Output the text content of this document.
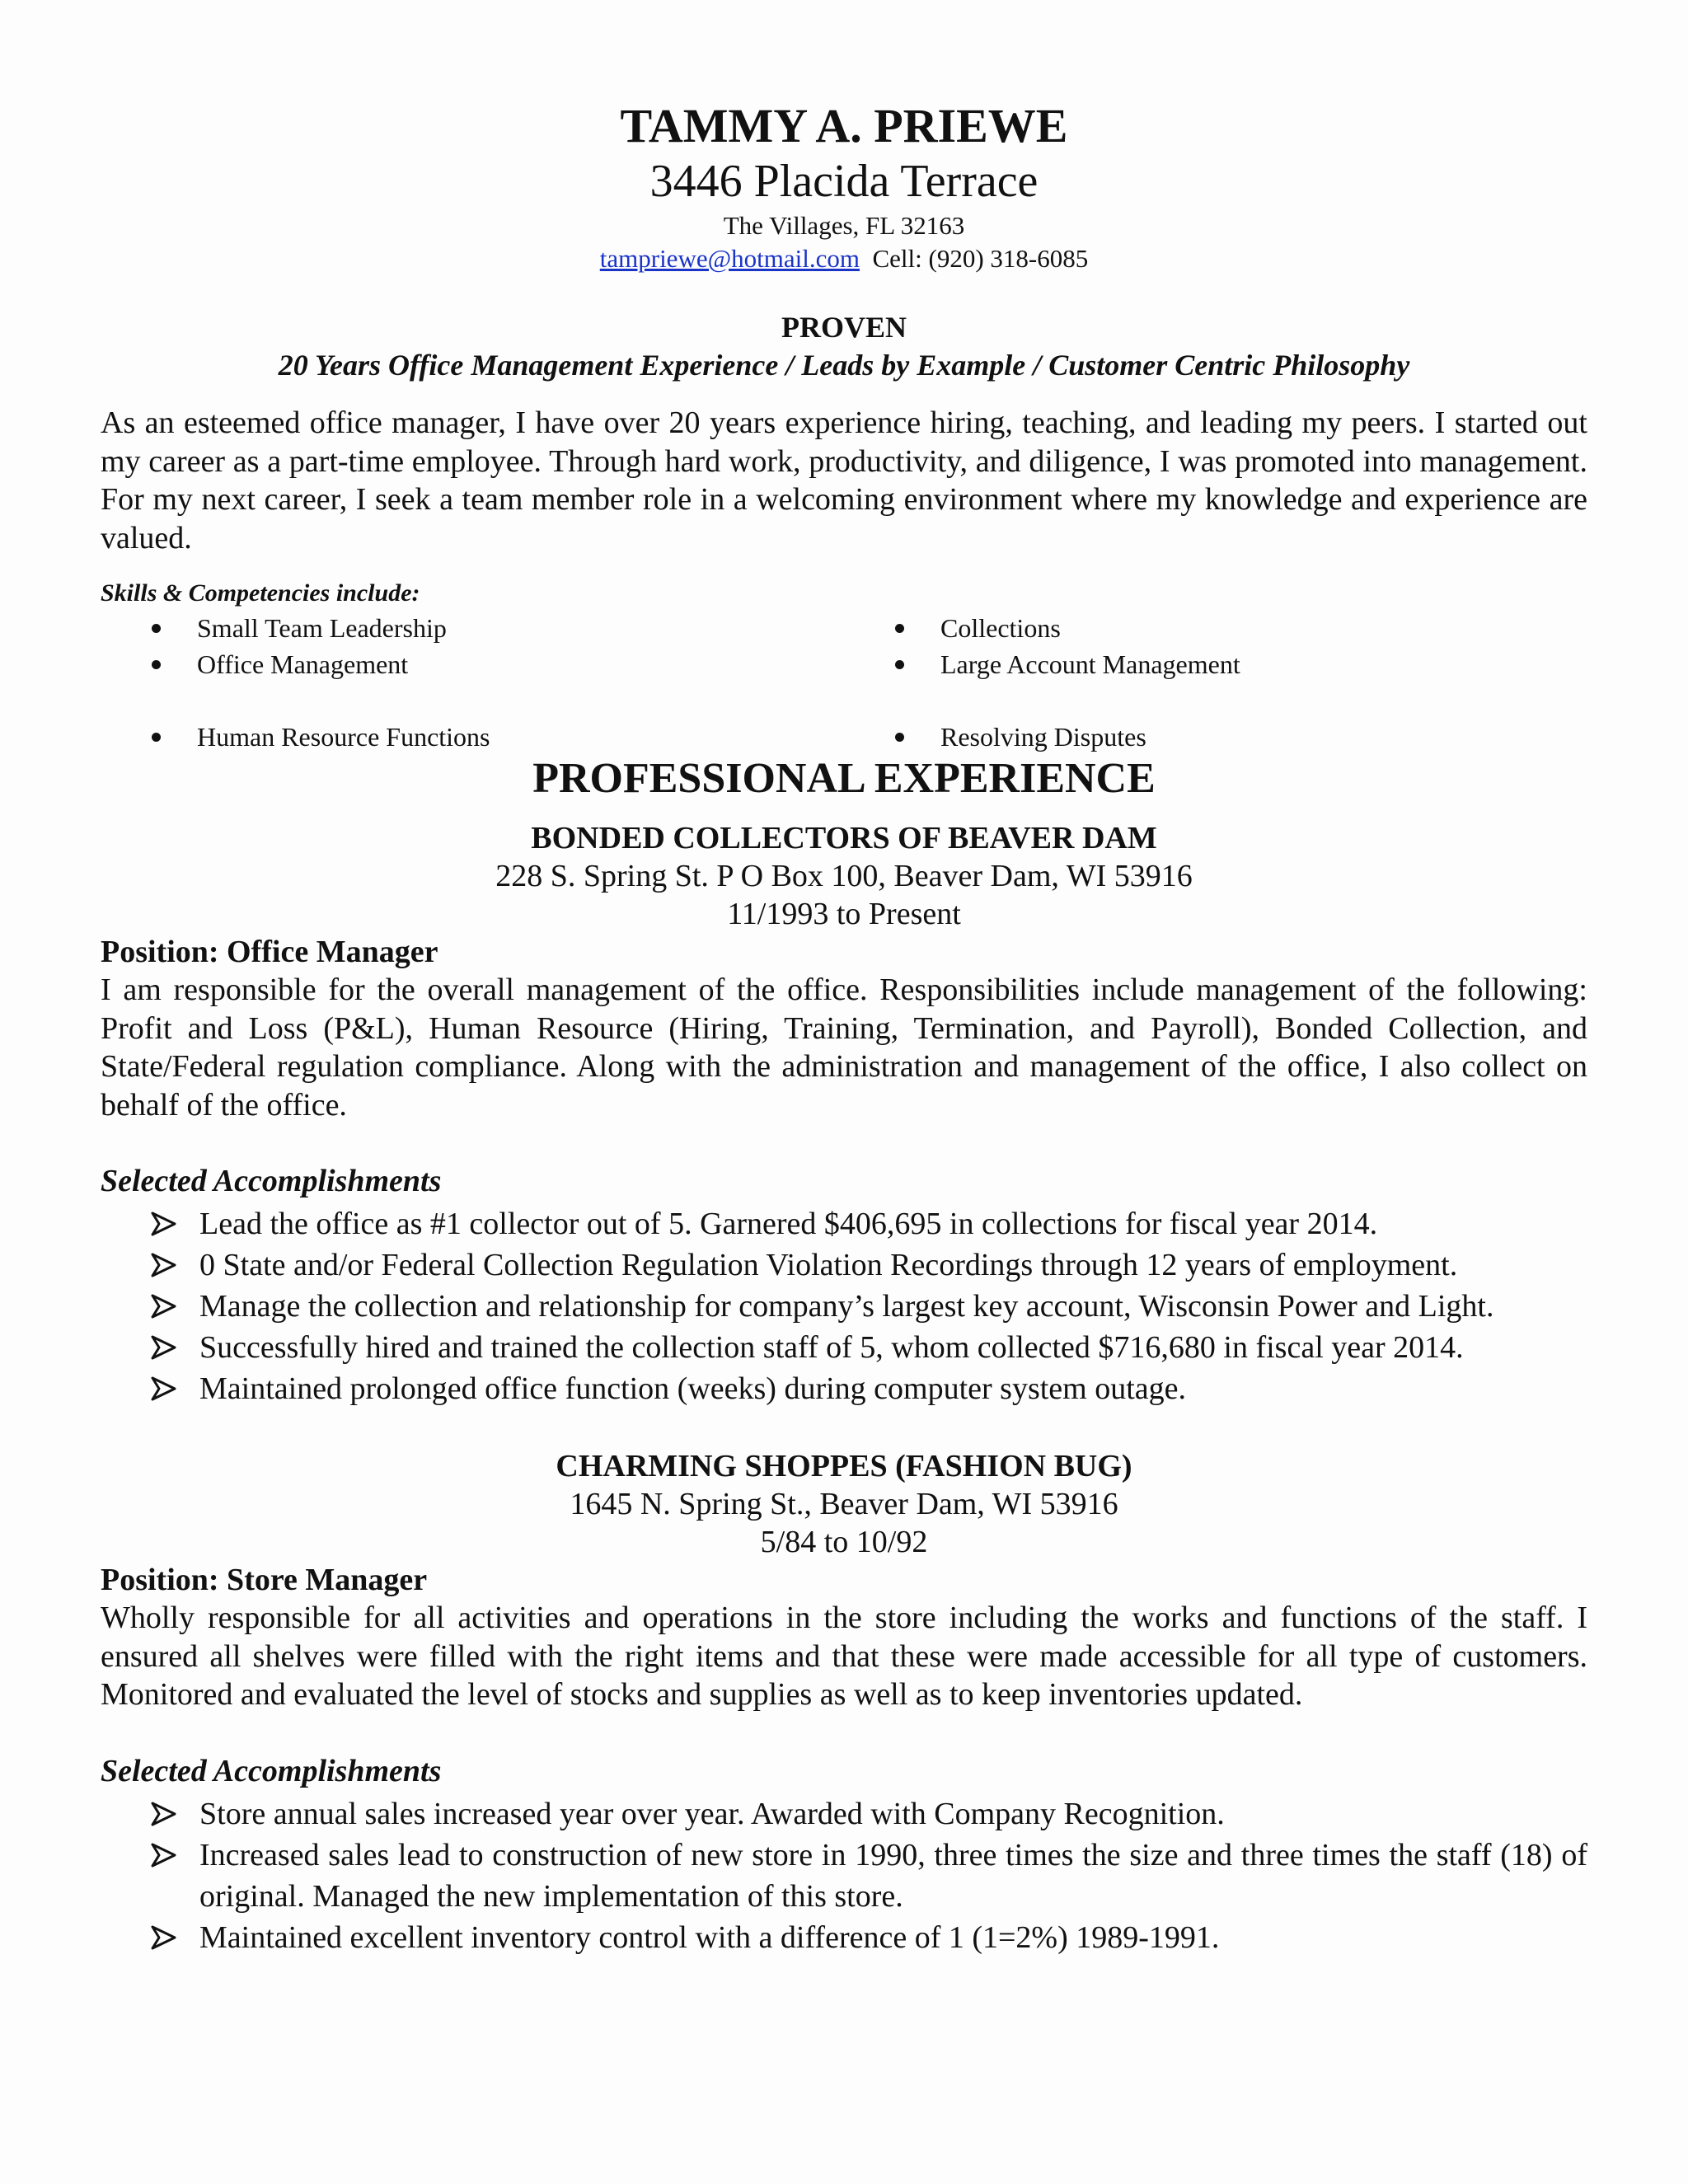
TAMMY A. PRIEWE

3446 Placida Terrace

The Villages, FL 32163

tampriewe@hotmail.com Cell: (920) 318-6085

PROVEN

20 Years Office Management Experience / Leads by Example / Customer Centric Philosophy

As an esteemed office manager, I have over 20 years experience hiring, teaching, and leading my peers. I started out my career as a part-time employee. Through hard work, productivity, and diligence, I was promoted into management. For my next career, I seek a team member role in a welcoming environment where my knowledge and experience are valued.

Skills & Competencies include:

Small Team Leadership	Collections
Office Management	Large Account Management
Human Resource Functions	Resolving Disputes

PROFESSIONAL EXPERIENCE

BONDED COLLECTORS OF BEAVER DAM

228 S. Spring St. P O Box 100, Beaver Dam, WI 53916

11/1993 to Present

Position: Office Manager

I am responsible for the overall management of the office. Responsibilities include management of the following: Profit and Loss (P&L), Human Resource (Hiring, Training, Termination, and Payroll), Bonded Collection, and State/Federal regulation compliance. Along with the administration and management of the office, I also collect on behalf of the office.

Selected Accomplishments

Lead the office as #1 collector out of 5. Garnered $406,695 in collections for fiscal year 2014.
0 State and/or Federal Collection Regulation Violation Recordings through 12 years of employment.
Manage the collection and relationship for company’s largest key account, Wisconsin Power and Light.
Successfully hired and trained the collection staff of 5, whom collected $716,680 in fiscal year 2014.
Maintained prolonged office function (weeks) during computer system outage.

CHARMING SHOPPES (FASHION BUG)

1645 N. Spring St., Beaver Dam, WI 53916

5/84 to 10/92

Position: Store Manager

Wholly responsible for all activities and operations in the store including the works and functions of the staff. I ensured all shelves were filled with the right items and that these were made accessible for all type of customers. Monitored and evaluated the level of stocks and supplies as well as to keep inventories updated.

Selected Accomplishments

Store annual sales increased year over year. Awarded with Company Recognition.
Increased sales lead to construction of new store in 1990, three times the size and three times the staff (18) of original. Managed the new implementation of this store.
Maintained excellent inventory control with a difference of 1 (1=2%) 1989-1991.
